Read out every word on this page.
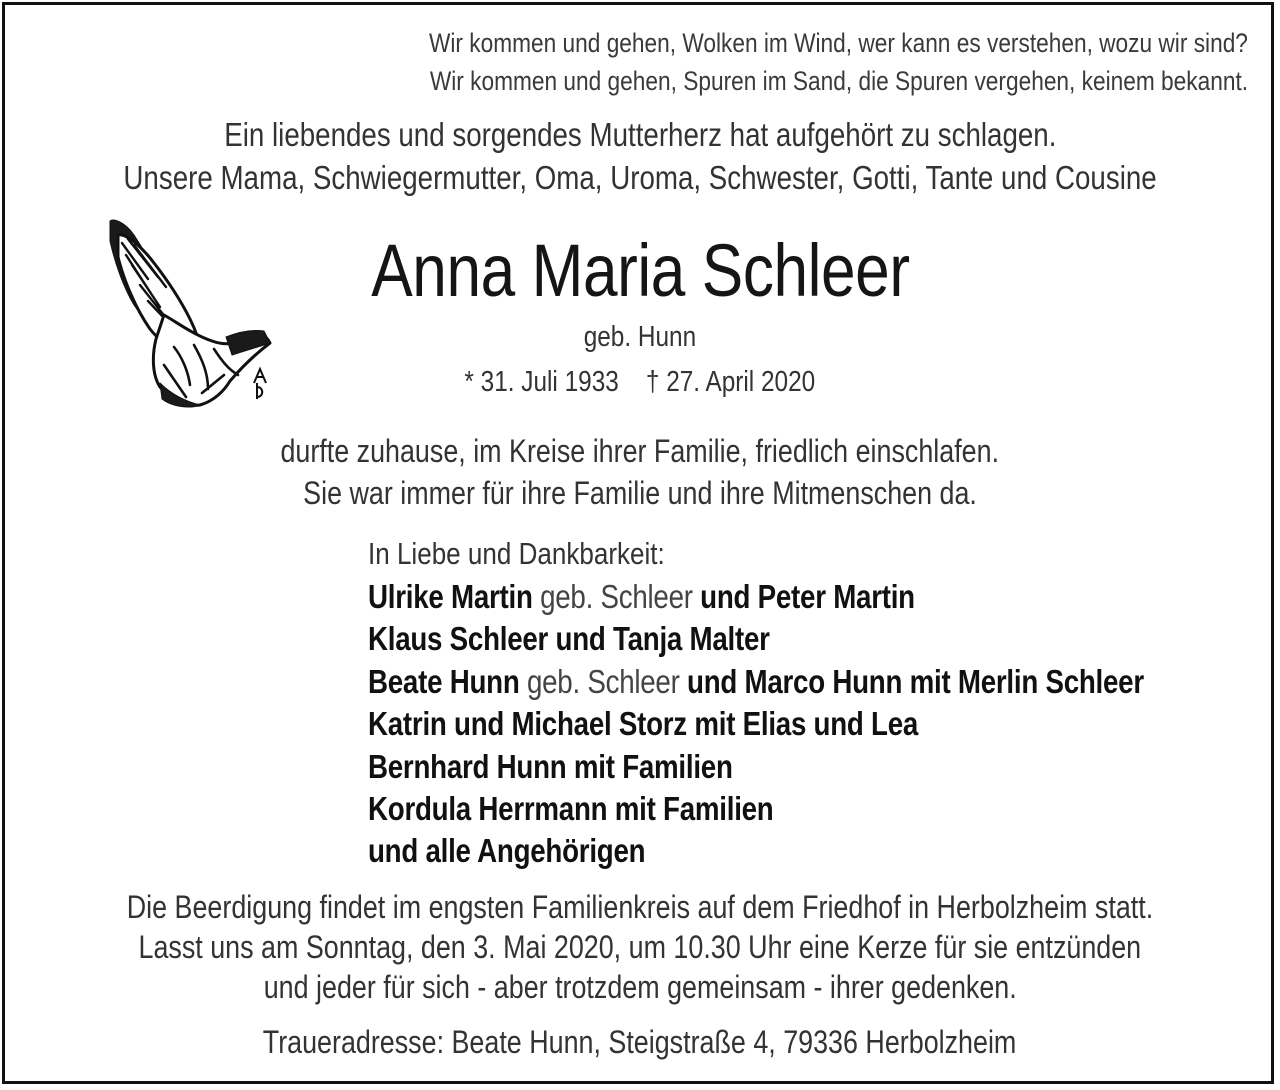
Wir kommen und gehen, Wolken im Wind, wer kann es verstehen, wozu wir sind?
Wir kommen und gehen, Spuren im Sand, die Spuren vergehen, keinem bekannt.
Ein liebendes und sorgendes Mutterherz hat aufgehört zu schlagen.
Unsere Mama, Schwiegermutter, Oma, Uroma, Schwester, Gotti, Tante und Cousine
Anna Maria Schleer
geb. Hunn
* 31. Juli 1933 † 27. April 2020
durfte zuhause, im Kreise ihrer Familie, friedlich einschlafen.
Sie war immer für ihre Familie und ihre Mitmenschen da.
In Liebe und Dankbarkeit:
Ulrike Martin geb. Schleer und Peter Martin
Klaus Schleer und Tanja Malter
Beate Hunn geb. Schleer und Marco Hunn mit Merlin Schleer
Katrin und Michael Storz mit Elias und Lea
Bernhard Hunn mit Familien
Kordula Herrmann mit Familien
und alle Angehörigen
Die Beerdigung findet im engsten Familienkreis auf dem Friedhof in Herbolzheim statt.
Lasst uns am Sonntag, den 3. Mai 2020, um 10.30 Uhr eine Kerze für sie entzünden
und jeder für sich - aber trotzdem gemeinsam - ihrer gedenken.
Traueradresse: Beate Hunn, Steigstraße 4, 79336 Herbolzheim
